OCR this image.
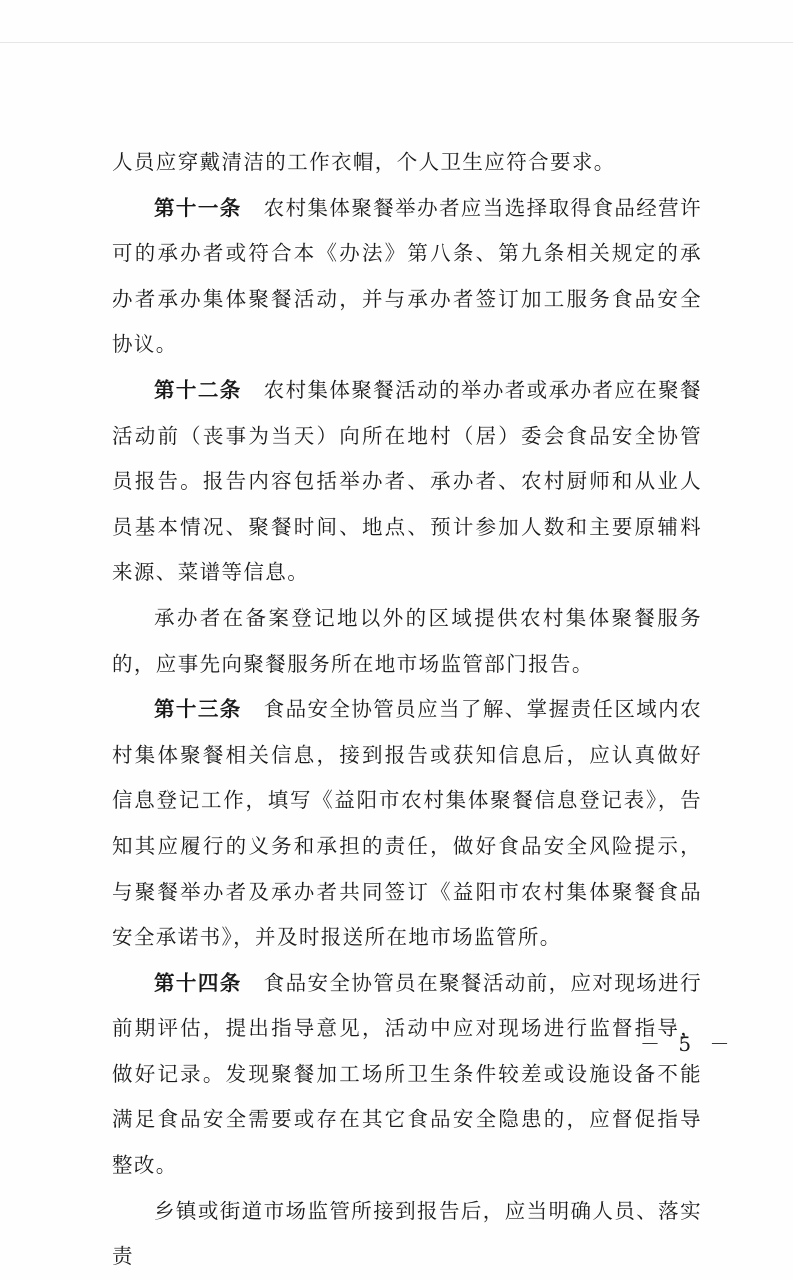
人员应穿戴清洁的工作衣帽，个人卫生应符合要求。

第十一条 农村集体聚餐举办者应当选择取得食品经营许可的承办者或符合本《办法》第八条、第九条相关规定的承办者承办集体聚餐活动，并与承办者签订加工服务食品安全协议。

第十二条 农村集体聚餐活动的举办者或承办者应在聚餐活动前（丧事为当天）向所在地村（居）委会食品安全协管员报告。报告内容包括举办者、承办者、农村厨师和从业人员基本情况、聚餐时间、地点、预计参加人数和主要原辅料来源、菜谱等信息。

承办者在备案登记地以外的区域提供农村集体聚餐服务的，应事先向聚餐服务所在地市场监管部门报告。

第十三条 食品安全协管员应当了解、掌握责任区域内农村集体聚餐相关信息，接到报告或获知信息后，应认真做好信息登记工作，填写《益阳市农村集体聚餐信息登记表》，告知其应履行的义务和承担的责任，做好食品安全风险提示，与聚餐举办者及承办者共同签订《益阳市农村集体聚餐食品安全承诺书》，并及时报送所在地市场监管所。

第十四条 食品安全协管员在聚餐活动前，应对现场进行前期评估，提出指导意见，活动中应对现场进行监督指导，做好记录。发现聚餐加工场所卫生条件较差或设施设备不能满足食品安全需要或存在其它食品安全隐患的，应督促指导整改。

乡镇或街道市场监管所接到报告后，应当明确人员、落实责

－ 5 －
